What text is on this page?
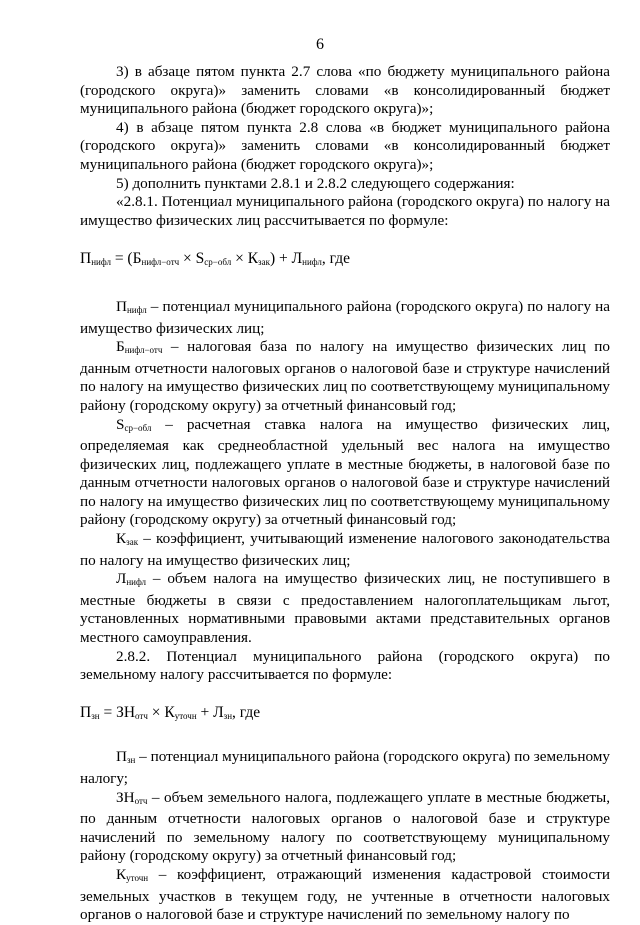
6

3) в абзаце пятом пункта 2.7 слова «по бюджету муниципального района (городского округа)» заменить словами «в консолидированный бюджет муниципального района (бюджет городского округа)»;

4) в абзаце пятом пункта 2.8 слова «в бюджет муниципального района (городского округа)» заменить словами «в консолидированный бюджет муниципального района (бюджет городского округа)»;

5) дополнить пунктами 2.8.1 и 2.8.2 следующего содержания:

«2.8.1. Потенциал муниципального района (городского округа) по налогу на имущество физических лиц рассчитывается по формуле:

$П_{нифл} = (Б_{нифл-отч} \times S_{ср-обл} \times К_{зак}) + Л_{нифл}$, где

$П_{нифл}$ – потенциал муниципального района (городского округа) по налогу на имущество физических лиц;

$Б_{нифл-отч}$ – налоговая база по налогу на имущество физических лиц по данным отчетности налоговых органов о налоговой базе и структуре начислений по налогу на имущество физических лиц по соответствующему муниципальному району (городскому округу) за отчетный финансовый год;

$S_{ср-обл}$ – расчетная ставка налога на имущество физических лиц, определяемая как среднеобластной удельный вес налога на имущество физических лиц, подлежащего уплате в местные бюджеты, в налоговой базе по данным отчетности налоговых органов о налоговой базе и структуре начислений по налогу на имущество физических лиц по соответствующему муниципальному району (городскому округу) за отчетный финансовый год;

$К_{зак}$ – коэффициент, учитывающий изменение налогового законодательства по налогу на имущество физических лиц;

$Л_{нифл}$ – объем налога на имущество физических лиц, не поступившего в местные бюджеты в связи с предоставлением налогоплательщикам льгот, установленных нормативными правовыми актами представительных органов местного самоуправления.

2.8.2. Потенциал муниципального района (городского округа) по земельному налогу рассчитывается по формуле:

$П_{зн} = ЗН_{отч} \times К_{уточн} + Л_{зн}$, где

$П_{зн}$ – потенциал муниципального района (городского округа) по земельному налогу;

$ЗН_{отч}$ – объем земельного налога, подлежащего уплате в местные бюджеты, по данным отчетности налоговых органов о налоговой базе и структуре начислений по земельному налогу по соответствующему муниципальному району (городскому округу) за отчетный финансовый год;

$К_{уточн}$ – коэффициент, отражающий изменения кадастровой стоимости земельных участков в текущем году, не учтенные в отчетности налоговых органов о налоговой базе и структуре начислений по земельному налогу по
